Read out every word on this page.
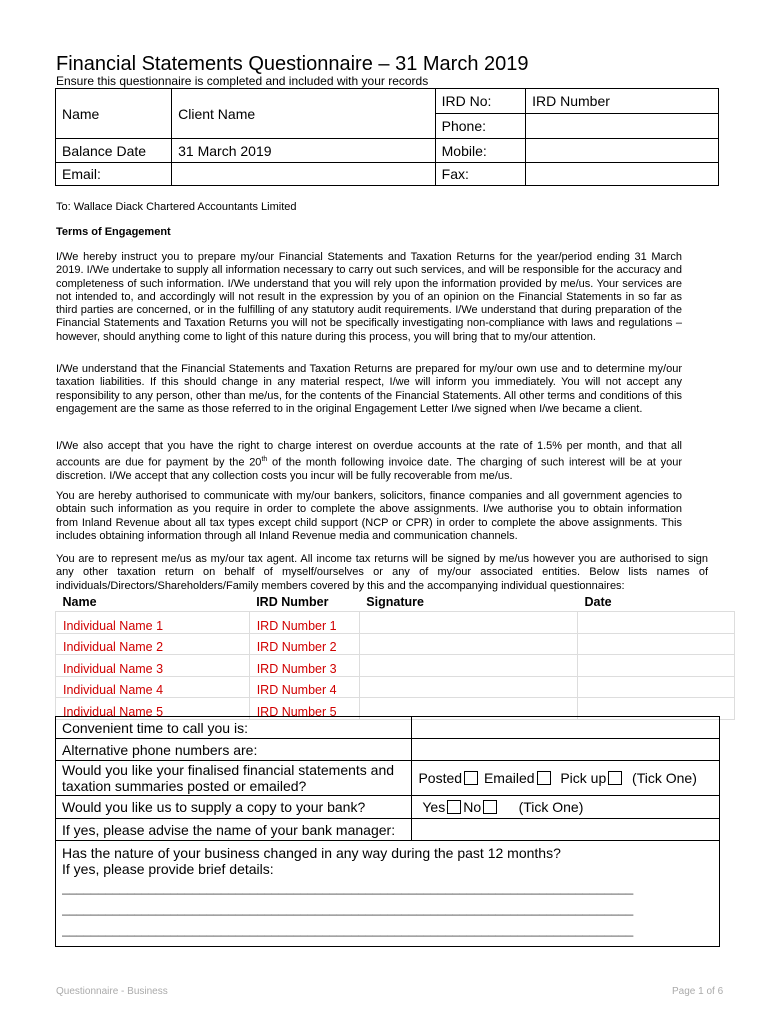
Financial Statements Questionnaire – 31 March 2019
Ensure this questionnaire is completed and included with your records
Name	Client Name	IRD No:	IRD Number
		Phone:	
Balance Date	31 March 2019	Mobile:	
Email:		Fax:	
To: Wallace Diack Chartered Accountants Limited
Terms of Engagement
I/We hereby instruct you to prepare my/our Financial Statements and Taxation Returns for the year/period ending 31 March 2019. I/We undertake to supply all information necessary to carry out such services, and will be responsible for the accuracy and completeness of such information. I/We understand that you will rely upon the information provided by me/us. Your services are not intended to, and accordingly will not result in the expression by you of an opinion on the Financial Statements in so far as third parties are concerned, or in the fulfilling of any statutory audit requirements. I/We understand that during preparation of the Financial Statements and Taxation Returns you will not be specifically investigating non-compliance with laws and regulations – however, should anything come to light of this nature during this process, you will bring that to my/our attention.
I/We understand that the Financial Statements and Taxation Returns are prepared for my/our own use and to determine my/our taxation liabilities. If this should change in any material respect, I/we will inform you immediately. You will not accept any responsibility to any person, other than me/us, for the contents of the Financial Statements. All other terms and conditions of this engagement are the same as those referred to in the original Engagement Letter I/we signed when I/we became a client.
I/We also accept that you have the right to charge interest on overdue accounts at the rate of 1.5% per month, and that all accounts are due for payment by the 20th of the month following invoice date. The charging of such interest will be at your discretion. I/We accept that any collection costs you incur will be fully recoverable from me/us.
You are hereby authorised to communicate with my/our bankers, solicitors, finance companies and all government agencies to obtain such information as you require in order to complete the above assignments. I/we authorise you to obtain information from Inland Revenue about all tax types except child support (NCP or CPR) in order to complete the above assignments. This includes obtaining information through all Inland Revenue media and communication channels.
You are to represent me/us as my/our tax agent. All income tax returns will be signed by me/us however you are authorised to sign any other taxation return on behalf of myself/ourselves or any of my/our associated entities. Below lists names of individuals/Directors/Shareholders/Family members covered by this and the accompanying individual questionnaires:
Name	IRD Number	Signature	Date
Individual Name 1	IRD Number 1		
Individual Name 2	IRD Number 2		
Individual Name 3	IRD Number 3		
Individual Name 4	IRD Number 4		
Individual Name 5	IRD Number 5		
Convenient time to call you is:	
Alternative phone numbers are:	
Would you like your finalised financial statements and taxation summaries posted or emailed?	Posted Emailed Pick up (Tick One)
Would you like us to supply a copy to your bank?	Yes No (Tick One)
If yes, please advise the name of your bank manager:	

Has the nature of your business changed in any way during the past 12 months?
If yes, please provide brief details:
_______________________________________________________________________________
_______________________________________________________________________________
_______________________________________________________________________________	
Questionnaire - Business	Page 1 of 6
